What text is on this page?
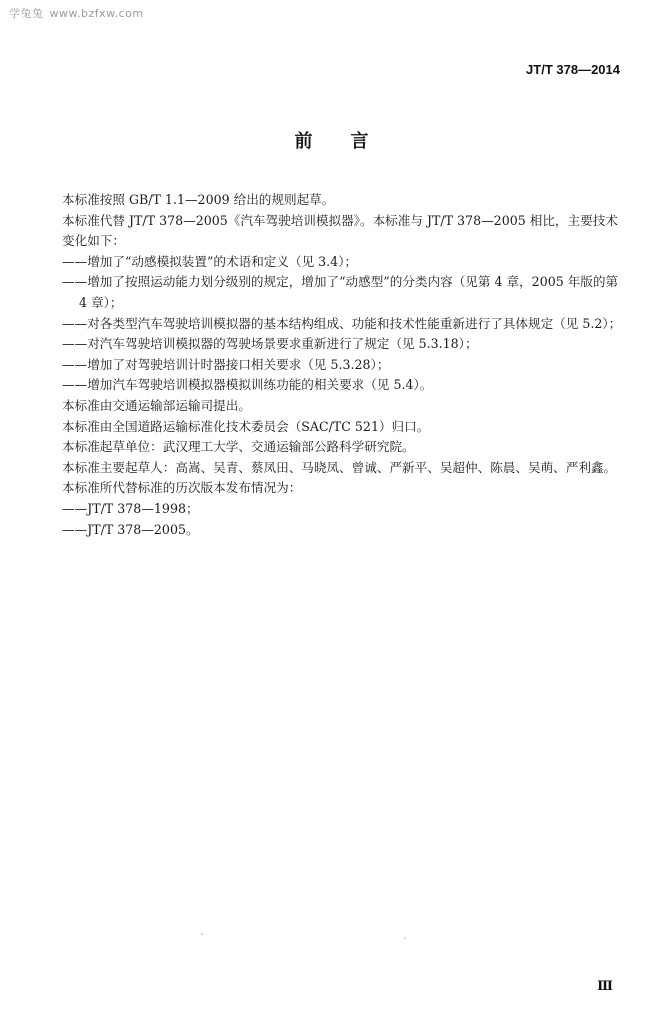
学兔兔 www.bzfxw.com
JT/T 378—2014
前言

本标准按照 GB/T 1.1—2009 给出的规则起草。

本标准代替 JT/T 378—2005《汽车驾驶培训模拟器》。本标准与 JT/T 378—2005 相比，主要技术

变化如下：

——增加了“动感模拟装置”的术语和定义（见 3.4）；

——增加了按照运动能力划分级别的规定，增加了“动感型”的分类内容（见第 4 章，2005 年版的第

4 章）；

——对各类型汽车驾驶培训模拟器的基本结构组成、功能和技术性能重新进行了具体规定（见 5.2）；

——对汽车驾驶培训模拟器的驾驶场景要求重新进行了规定（见 5.3.18）；

——增加了对驾驶培训计时器接口相关要求（见 5.3.28）；

——增加汽车驾驶培训模拟器模拟训练功能的相关要求（见 5.4）。

本标准由交通运输部运输司提出。

本标准由全国道路运输标准化技术委员会（SAC/TC 521）归口。

本标准起草单位：武汉理工大学、交通运输部公路科学研究院。

本标准主要起草人：高嵩、吴青、蔡凤田、马晓凤、曾诚、严新平、吴超仲、陈晨、吴萌、严利鑫。

本标准所代替标准的历次版本发布情况为：

——JT/T 378—1998；

——JT/T 378—2005。

Ⅲ
